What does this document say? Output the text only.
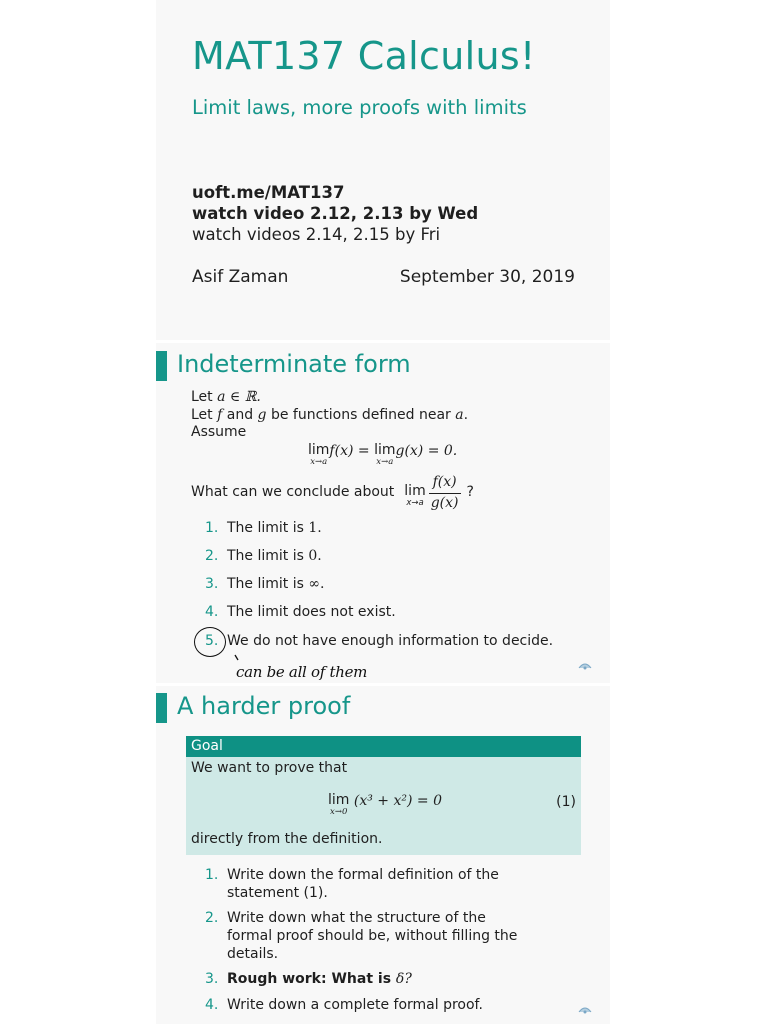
MAT137 Calculus!
Limit laws, more proofs with limits
uoft.me/MAT137
watch video 2.12, 2.13 by Wed
watch videos 2.14, 2.15 by Fri
Asif Zaman	September 30, 2019
Indeterminate form
Let a ∈ ℝ.
Let f and g be functions defined near a.
Assume
lim
x→a
f(x) = lim
x→a
g(x) = 0.
What can we conclude about lim
$x\to a \frac{f(x)}{g(x)}$ ?
1. The limit is 1.
2. The limit is 0.
3. The limit is ∞.
4. The limit does not exist.
5. We do not have enough information to decide.
can be all of them
A harder proof
Goal
We want to prove that
lim
x→0
(x³ + x²) = 0	(1)
directly from the definition.
1. Write down the formal definition of the statement (1).
2. Write down what the structure of the formal proof should be, without filling the details.
3. Rough work: What is δ?
4. Write down a complete formal proof.
